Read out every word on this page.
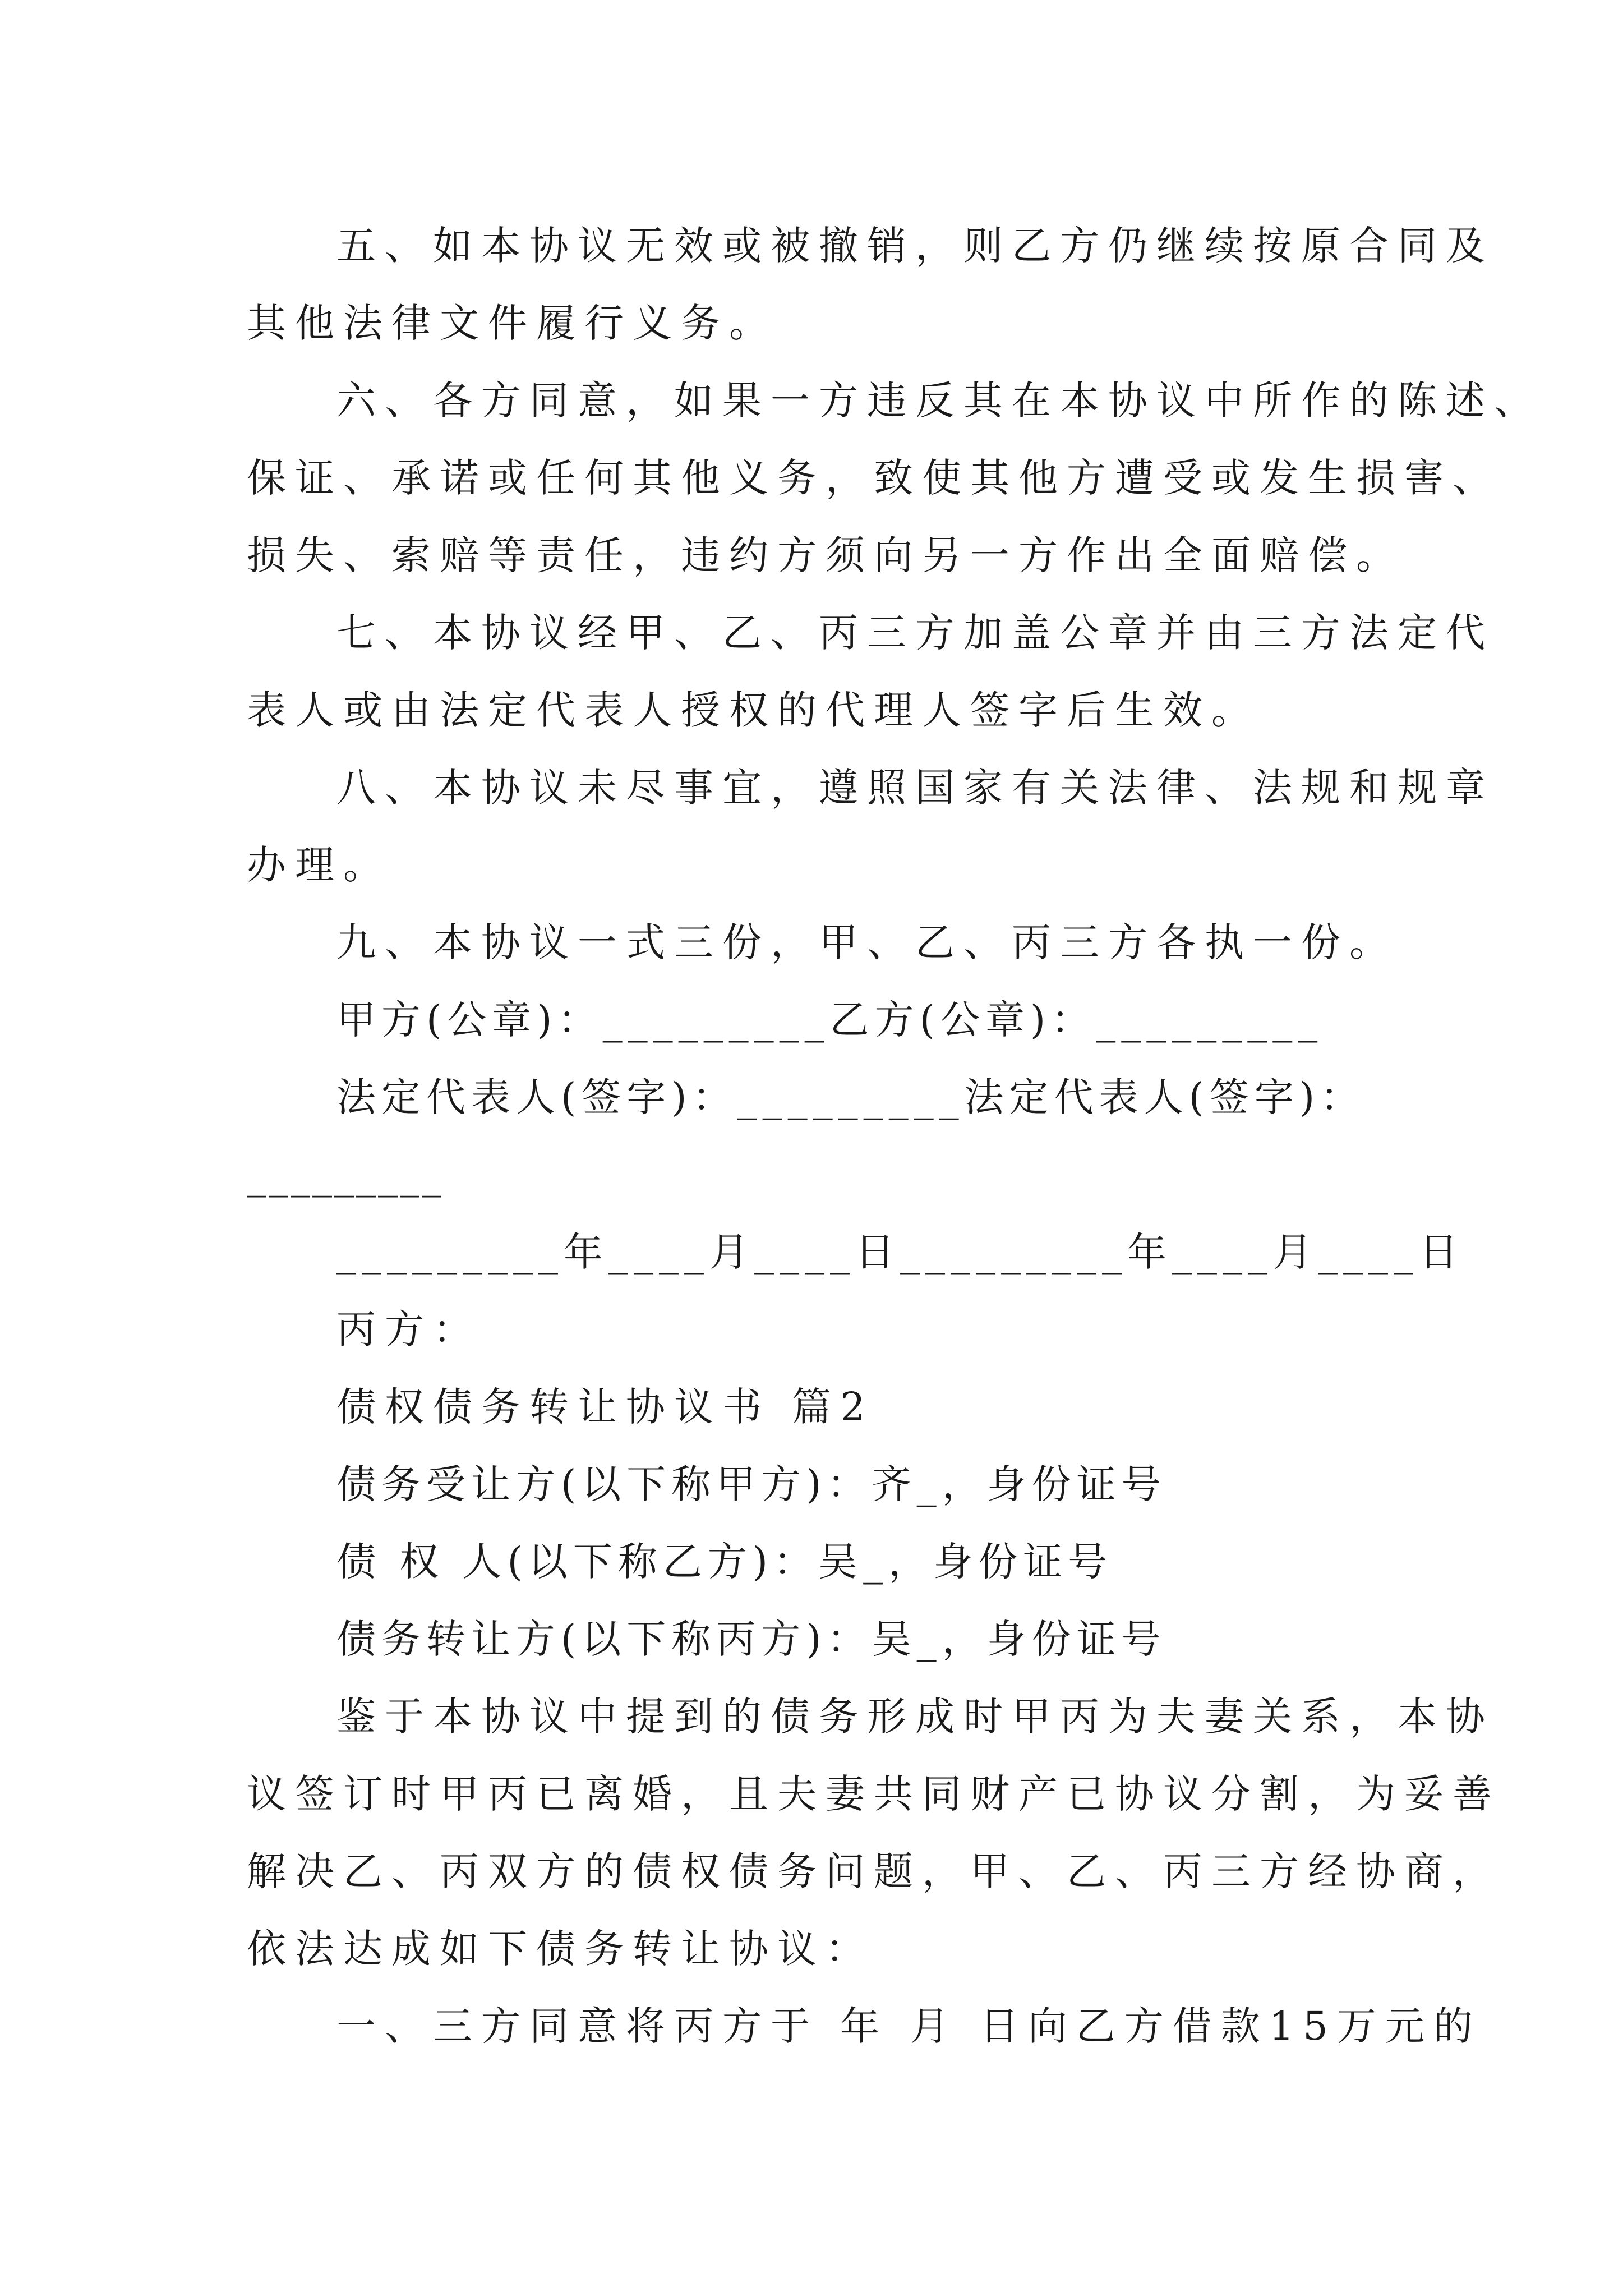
五、如本协议无效或被撤销，则乙方仍继续按原合同及
其他法律文件履行义务。
六、各方同意，如果一方违反其在本协议中所作的陈述、
保证、承诺或任何其他义务，致使其他方遭受或发生损害、
损失、索赔等责任，违约方须向另一方作出全面赔偿。
七、本协议经甲、乙、丙三方加盖公章并由三方法定代
表人或由法定代表人授权的代理人签字后生效。
八、本协议未尽事宜，遵照国家有关法律、法规和规章
办理。
九、本协议一式三份，甲、乙、丙三方各执一份。
甲方(公章)：_________乙方(公章)：_________
法定代表人(签字)：_________法定代表人(签字)：
_________
_________年____月____日_________年____月____日
丙方：
债权债务转让协议书 篇2
债务受让方(以下称甲方)：齐_，身份证号
债 权 人(以下称乙方)：吴_，身份证号
债务转让方(以下称丙方)：吴_，身份证号
鉴于本协议中提到的债务形成时甲丙为夫妻关系，本协
议签订时甲丙已离婚，且夫妻共同财产已协议分割，为妥善
解决乙、丙双方的债权债务问题，甲、乙、丙三方经协商，
依法达成如下债务转让协议：
一、三方同意将丙方于 年 月 日向乙方借款15万元的
